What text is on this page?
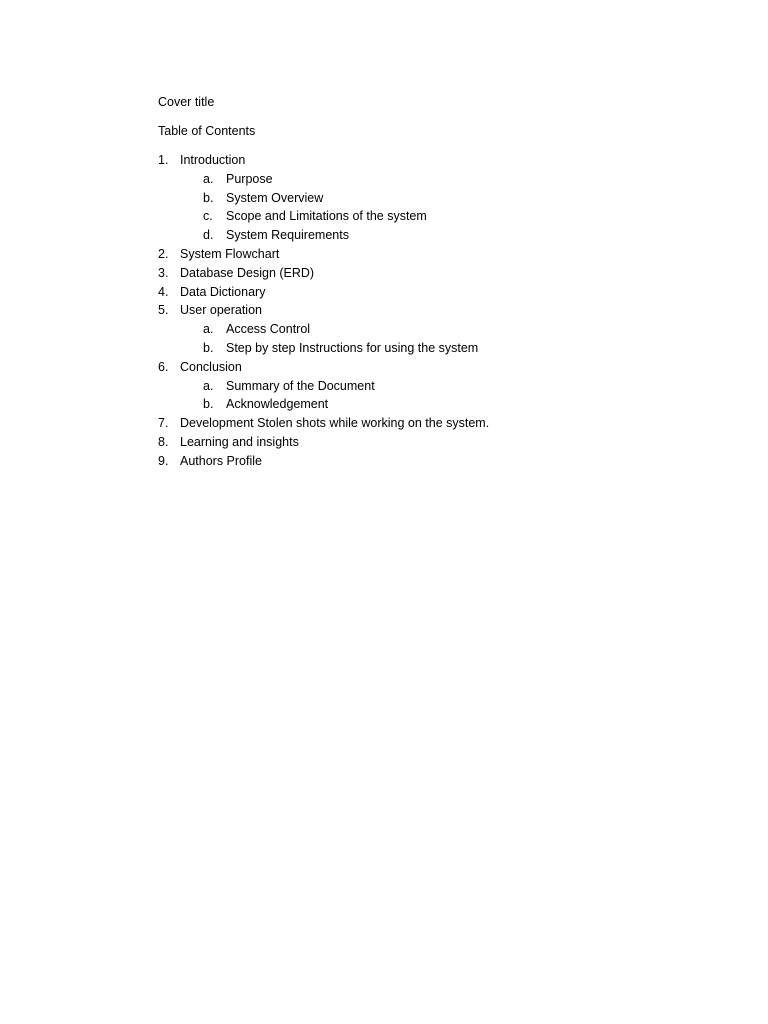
Cover title
Table of Contents
1. Introduction
a. Purpose
b. System Overview
c. Scope and Limitations of the system
d. System Requirements
2. System Flowchart
3. Database Design (ERD)
4. Data Dictionary
5. User operation
a. Access Control
b. Step by step Instructions for using the system
6. Conclusion
a. Summary of the Document
b. Acknowledgement
7. Development Stolen shots while working on the system.
8. Learning and insights
9. Authors Profile
